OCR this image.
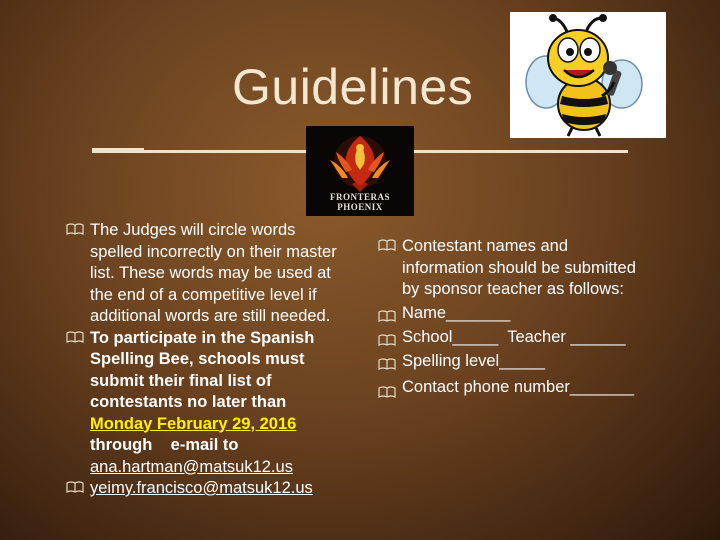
Guidelines
FRONTERAS
PHOENIX
The Judges will circle words
spelled incorrectly on their master
list. These words may be used at
the end of a competitive level if
additional words are still needed.
To participate in the Spanish
Spelling Bee, schools must
submit their final list of
contestants no later than
Monday February 29, 2016
through    e-mail to
ana.hartman@matsuk12.us
yeimy.francisco@matsuk12.us
Contestant names and
information should be submitted
by sponsor teacher as follows:
Name_______
School_____  Teacher ______
Spelling level_____
Contact phone number_______
